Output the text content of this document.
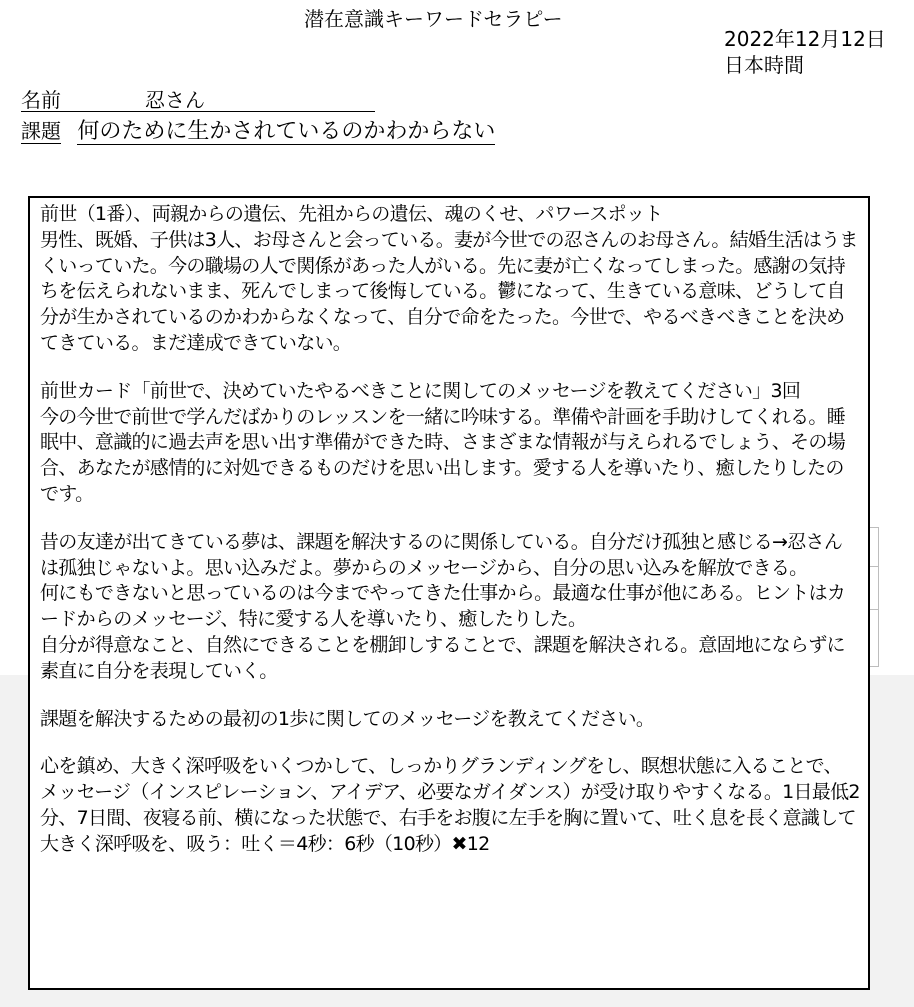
潜在意識キーワードセラピー
2022年12月12日
日本時間
名前	忍さん
課題 何のために生かされているのかわからない

前世（1番）、両親からの遺伝、先祖からの遺伝、魂のくせ、パワースポット

男性、既婚、子供は3人、お母さんと会っている。妻が今世での忍さんのお母さん。結婚生活はうまくいっていた。今の職場の人で関係があった人がいる。先に妻が亡くなってしまった。感謝の気持ちを伝えられないまま、死んでしまって後悔している。鬱になって、生きている意味、どうして自分が生かされているのかわからなくなって、自分で命をたった。今世で、やるべきべきことを決めてきている。まだ達成できていない。

前世カード「前世で、決めていたやるべきことに関してのメッセージを教えてください」3回

今の今世で前世で学んだばかりのレッスンを一緒に吟味する。準備や計画を手助けしてくれる。睡眠中、意識的に過去声を思い出す準備ができた時、さまざまな情報が与えられるでしょう、その場合、あなたが感情的に対処できるものだけを思い出します。愛する人を導いたり、癒したりしたのです。

昔の友達が出てきている夢は、課題を解決するのに関係している。自分だけ孤独と感じる→忍さんは孤独じゃないよ。思い込みだよ。夢からのメッセージから、自分の思い込みを解放できる。

何にもできないと思っているのは今までやってきた仕事から。最適な仕事が他にある。ヒントはカードからのメッセージ、特に愛する人を導いたり、癒したりした。

自分が得意なこと、自然にできることを棚卸しすることで、課題を解決される。意固地にならずに素直に自分を表現していく。

課題を解決するための最初の1歩に関してのメッセージを教えてください。

心を鎮め、大きく深呼吸をいくつかして、しっかりグランディングをし、瞑想状態に入ることで、メッセージ（インスピレーション、アイデア、必要なガイダンス）が受け取りやすくなる。1日最低2分、7日間、夜寝る前、横になった状態で、右手をお腹に左手を胸に置いて、吐く息を長く意識して大きく深呼吸を、吸う：吐く＝4秒：6秒（10秒）✖12
